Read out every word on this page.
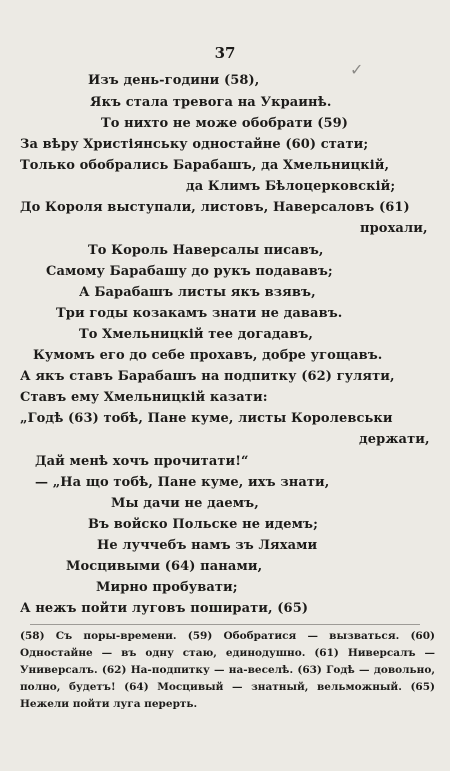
37
✓
Изъ день-години (58),
Якъ стала тревога на Украинѣ.
То нихто не може обобрати (59)
За вѣру Христіянську одностайне (60) стати;
Только обобрались Барабашъ, да Хмельницкій,
да Климъ Бѣлоцерковскій;
До Короля выступали, листовъ, Наверсаловъ (61)
прохали,
То Король Наверсалы писавъ,
Самому Барабашу до рукъ подававъ;
А Барабашъ листы якъ взявъ,
Три годы козакамъ знати не дававъ.
То Хмельницкій тее догадавъ,
Кумомъ его до себе прохавъ, добре угощавъ.
А якъ ставъ Барабашъ на подпитку (62) гуляти,
Ставъ ему Хмельницкій казати:
„Годѣ (63) тобѣ, Пане куме, листы Королевськи
держати,
Дай менѣ хочъ прочитати!“
— „На що тобѣ, Пане куме, ихъ знати,
Мы дачи не даемъ,
Въ войско Польске не идемъ;
Не луччебъ намъ зъ Ляхами
Мосцивыми (64) панами,
Мирно пробувати;
А нежъ пойти луговъ поширати, (65)

(58) Съ поры-времени. (59) Обобратися — вызваться. (60) Одностайне — въ одну стаю, единодушно. (61) Ниверсалъ — Универсалъ. (62) На-подпитку — на-веселѣ. (63) Годѣ — довольно, полно, будетъ! (64) Мосцивый — знатный, вельможный. (65) Нежели пойти луга перерть.
